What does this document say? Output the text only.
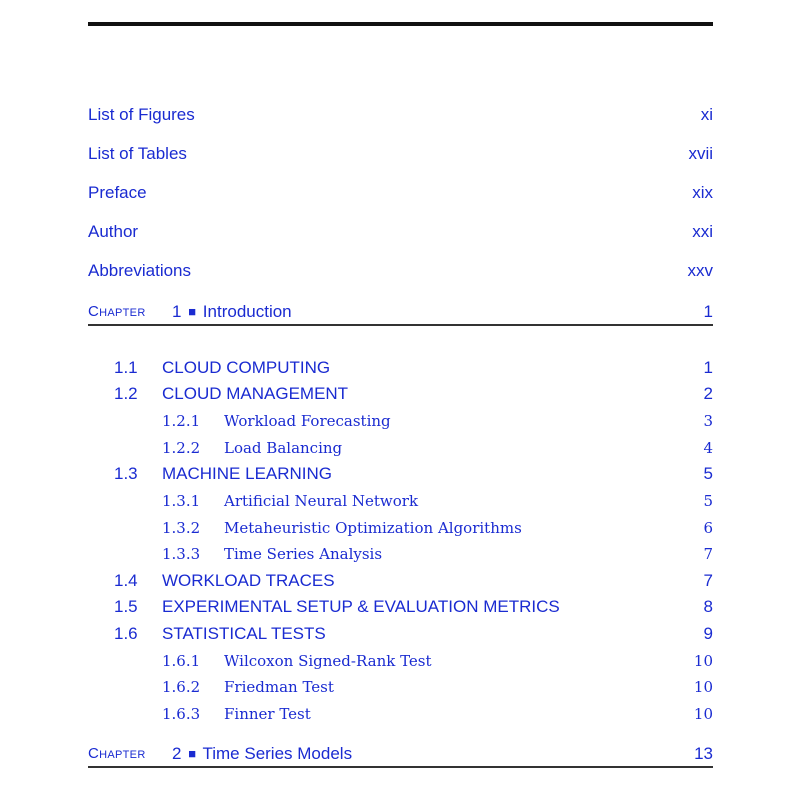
List of Figures	xi
List of Tables	xvii
Preface	xix
Author	xxi
Abbreviations	xxv
CHAPTER 1 ■ Introduction	1
1.1 CLOUD COMPUTING	1
1.2 CLOUD MANAGEMENT	2
1.2.1 Workload Forecasting	3
1.2.2 Load Balancing	4
1.3 MACHINE LEARNING	5
1.3.1 Artificial Neural Network	5
1.3.2 Metaheuristic Optimization Algorithms	6
1.3.3 Time Series Analysis	7
1.4 WORKLOAD TRACES	7
1.5 EXPERIMENTAL SETUP & EVALUATION METRICS	8
1.6 STATISTICAL TESTS	9
1.6.1 Wilcoxon Signed-Rank Test	10
1.6.2 Friedman Test	10
1.6.3 Finner Test	10
CHAPTER 2 ■ Time Series Models	13
